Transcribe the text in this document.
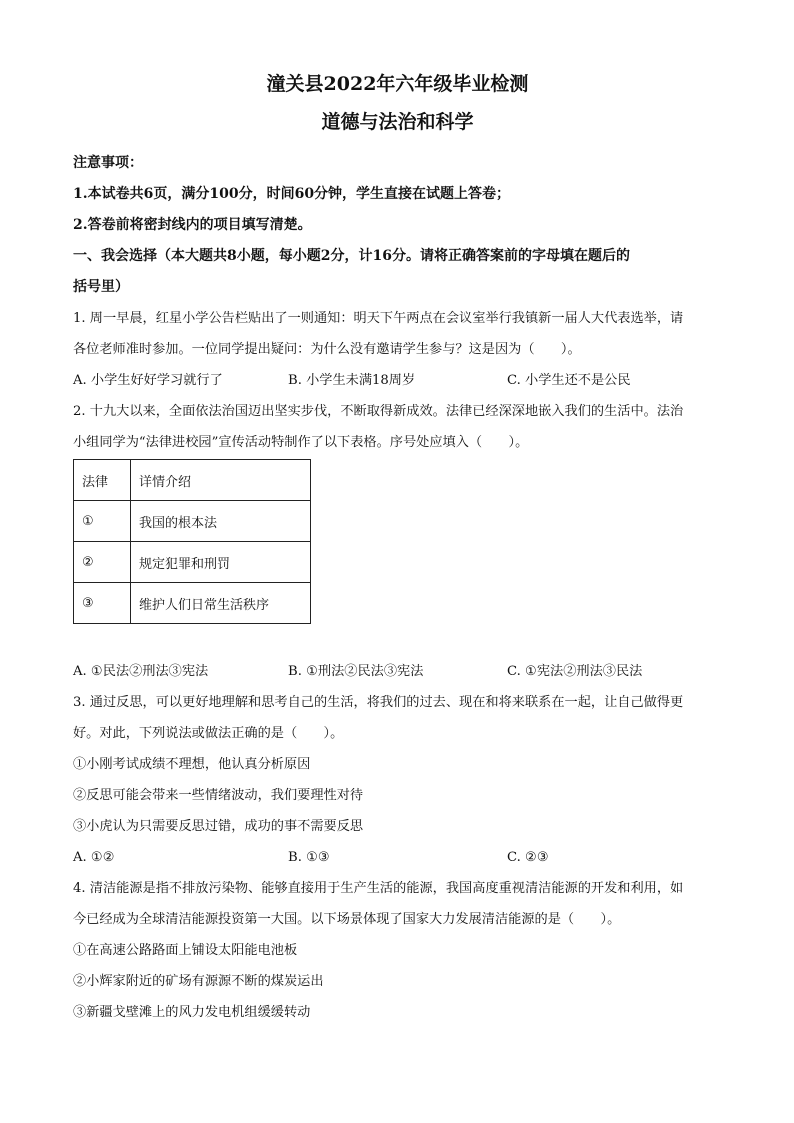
潼关县2022年六年级毕业检测
道德与法治和科学
注意事项：
1.本试卷共6页，满分100分，时间60分钟，学生直接在试题上答卷；
2.答卷前将密封线内的项目填写清楚。
一、我会选择（本大题共8小题，每小题2分，计16分。请将正确答案前的字母填在题后的
括号里）
1. 周一早晨，红星小学公告栏贴出了一则通知：明天下午两点在会议室举行我镇新一届人大代表选举，请
各位老师准时参加。一位同学提出疑问：为什么没有邀请学生参与？这是因为（　　）。
A. 小学生好好学习就行了	B. 小学生未满18周岁	C. 小学生还不是公民
2. 十九大以来，全面依法治国迈出坚实步伐，不断取得新成效。法律已经深深地嵌入我们的生活中。法治
小组同学为“法律进校园”宣传活动特制作了以下表格。序号处应填入（　　）。
法律	详情介绍
①	我国的根本法
②	规定犯罪和刑罚
③	维护人们日常生活秩序
A. ①民法②刑法③宪法	B. ①刑法②民法③宪法	C. ①宪法②刑法③民法
3. 通过反思，可以更好地理解和思考自己的生活，将我们的过去、现在和将来联系在一起，让自己做得更
好。对此，下列说法或做法正确的是（　　）。
①小刚考试成绩不理想，他认真分析原因
②反思可能会带来一些情绪波动，我们要理性对待
③小虎认为只需要反思过错，成功的事不需要反思
A. ①②	B. ①③	C. ②③
4. 清洁能源是指不排放污染物、能够直接用于生产生活的能源，我国高度重视清洁能源的开发和利用，如
今已经成为全球清洁能源投资第一大国。以下场景体现了国家大力发展清洁能源的是（　　）。
①在高速公路路面上铺设太阳能电池板
②小辉家附近的矿场有源源不断的煤炭运出
③新疆戈壁滩上的风力发电机组缓缓转动
